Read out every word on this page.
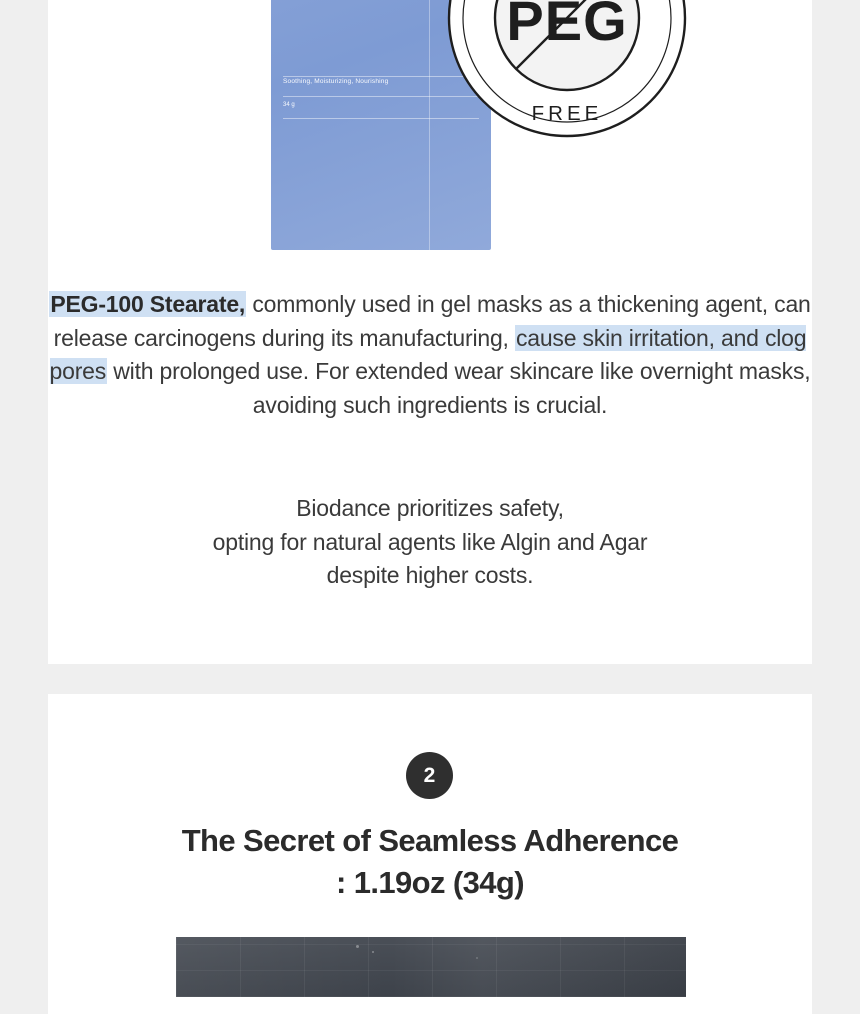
Soothing, Moisturizing, Nourishing
34 g
PEG
FREE
PEG-100 Stearate, commonly used in gel masks as a thickening agent, can release carcinogens during its manufacturing, cause skin irritation, and clog pores with prolonged use. For extended wear skincare like overnight masks, avoiding such ingredients is crucial.
Biodance prioritizes safety,
opting for natural agents like Algin and Agar
despite higher costs.
2
The Secret of Seamless Adherence
: 1.19oz (34g)
